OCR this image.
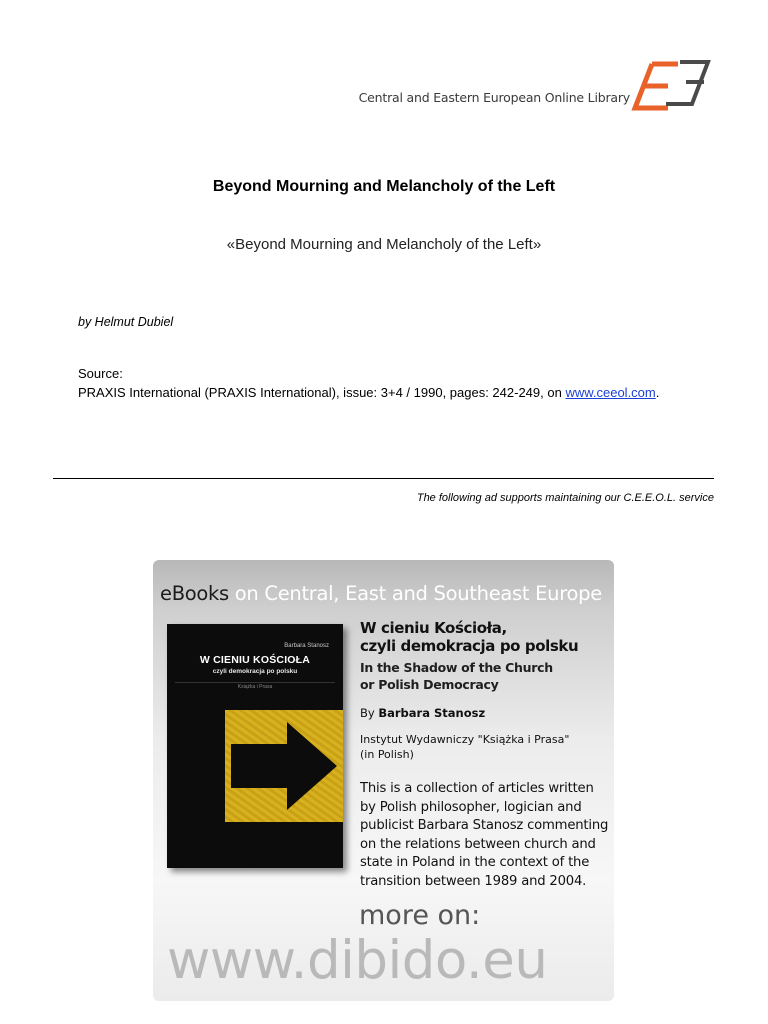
Central and Eastern European Online Library
Beyond Mourning and Melancholy of the Left
«Beyond Mourning and Melancholy of the Left»
by Helmut Dubiel
Source:
PRAXIS International (PRAXIS International), issue: 3+4 / 1990, pages: 242-249, on www.ceeol.com.
The following ad supports maintaining our C.E.E.O.L. service
eBooks on Central, East and Southeast Europe
Barbara Stanosz
W CIENIU KOŚCIOŁA
czyli demokracja po polsku
Książka i Prasa
W cieniu Kościoła,
czyli demokracja po polsku
In the Shadow of the Church
or Polish Democracy
By Barbara Stanosz
Instytut Wydawniczy "Książka i Prasa"
(in Polish)
This is a collection of articles written by Polish philosopher, logician and publicist Barbara Stanosz commenting on the relations between church and state in Poland in the context of the transition between 1989 and 2004.
more on:
www.dibido.eu
